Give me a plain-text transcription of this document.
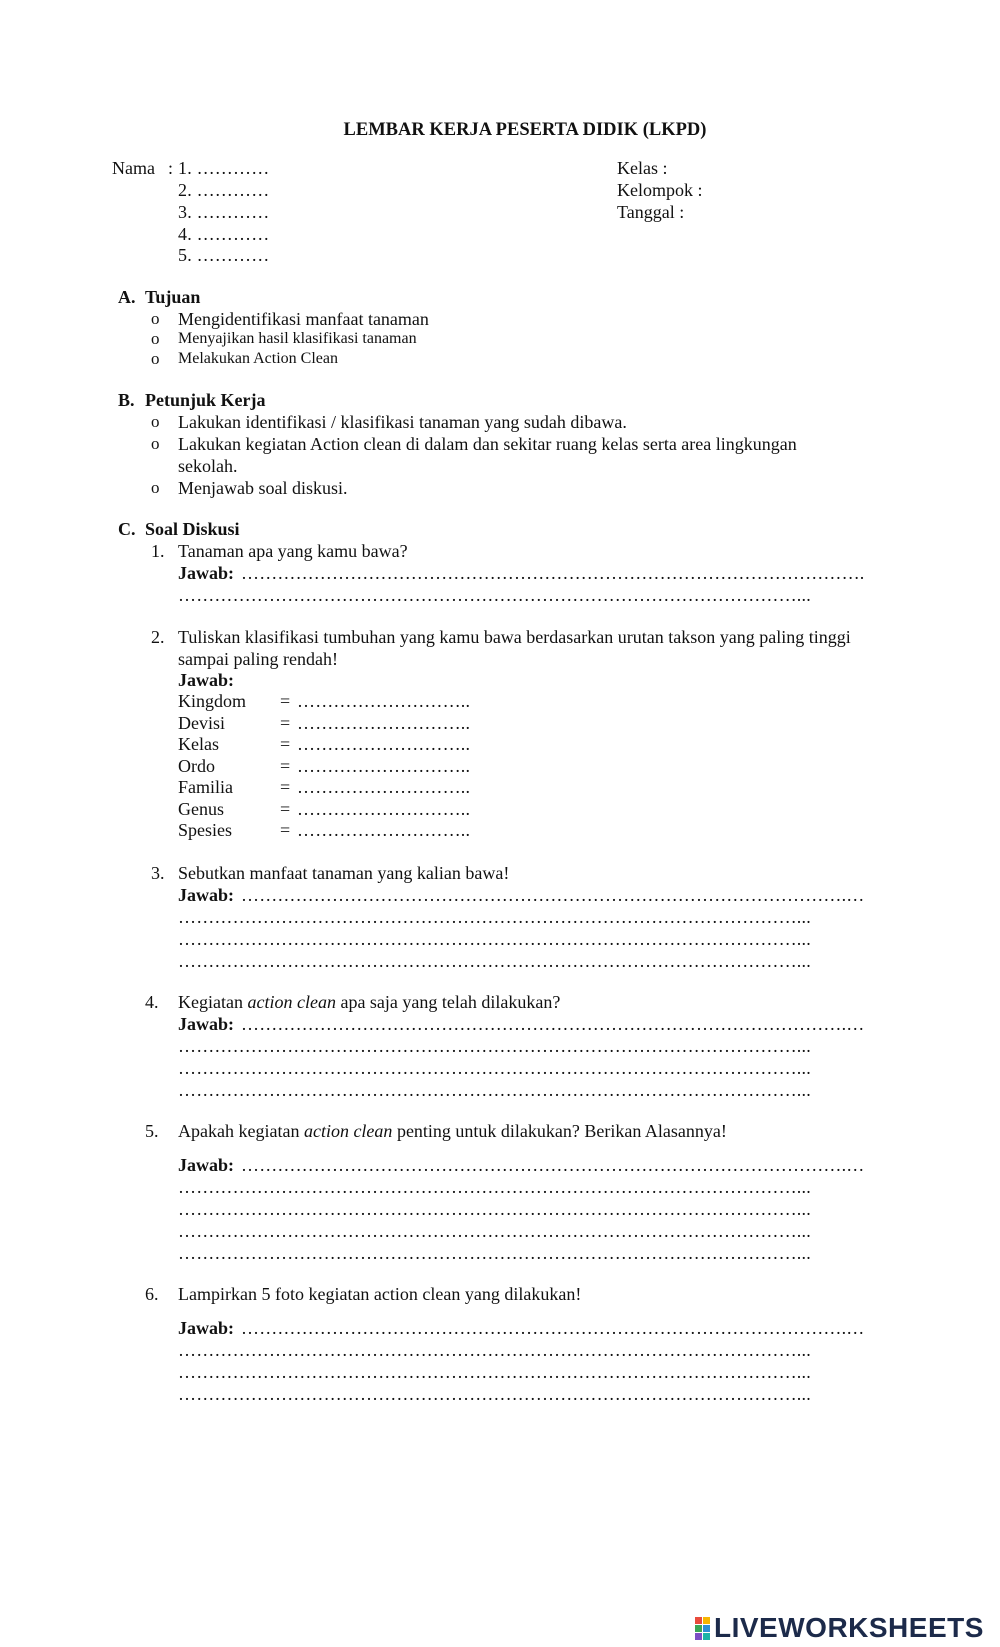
LEMBAR KERJA PESERTA DIDIK (LKPD)
Nama : 1. …………
2. …………
3. …………
4. …………
5. …………
Kelas :
Kelompok :
Tanggal :
A. Tujuan
o Mengidentifikasi manfaat tanaman
o Menyajikan hasil klasifikasi tanaman
o Melakukan Action Clean
B. Petunjuk Kerja
o Lakukan identifikasi / klasifikasi tanaman yang sudah dibawa.
o Lakukan kegiatan Action clean di dalam dan sekitar ruang kelas serta area lingkungan
sekolah.
o Menjawab soal diskusi.
C. Soal Diskusi
1. Tanaman apa yang kamu bawa?
Jawab: ………………………………………………………………………………………….
…………………………………………………………………………………………...
2. Tuliskan klasifikasi tumbuhan yang kamu bawa berdasarkan urutan takson yang paling tinggi
sampai paling rendah!
Jawab:
Kingdom = ………………………..
Devisi	= ………………………..
Kelas	= ………………………..
Ordo	= ………………………..
Familia	= ………………………..
Genus	= ………………………..
Spesies	= ………………………..
3. Sebutkan manfaat tanaman yang kalian bawa!
Jawab: ……………………………………………………………………………………….…
…………………………………………………………………………………………...
…………………………………………………………………………………………...
…………………………………………………………………………………………...
4. Kegiatan action clean apa saja yang telah dilakukan?
Jawab: ……………………………………………………………………………………….…
…………………………………………………………………………………………...
…………………………………………………………………………………………...
…………………………………………………………………………………………...
5. Apakah kegiatan action clean penting untuk dilakukan? Berikan Alasannya!
Jawab: ……………………………………………………………………………………….…
…………………………………………………………………………………………...
…………………………………………………………………………………………...
…………………………………………………………………………………………...
…………………………………………………………………………………………...
6. Lampirkan 5 foto kegiatan action clean yang dilakukan!
Jawab: ……………………………………………………………………………………….…
…………………………………………………………………………………………...
…………………………………………………………………………………………...
…………………………………………………………………………………………...
LIVEWORKSHEETS
